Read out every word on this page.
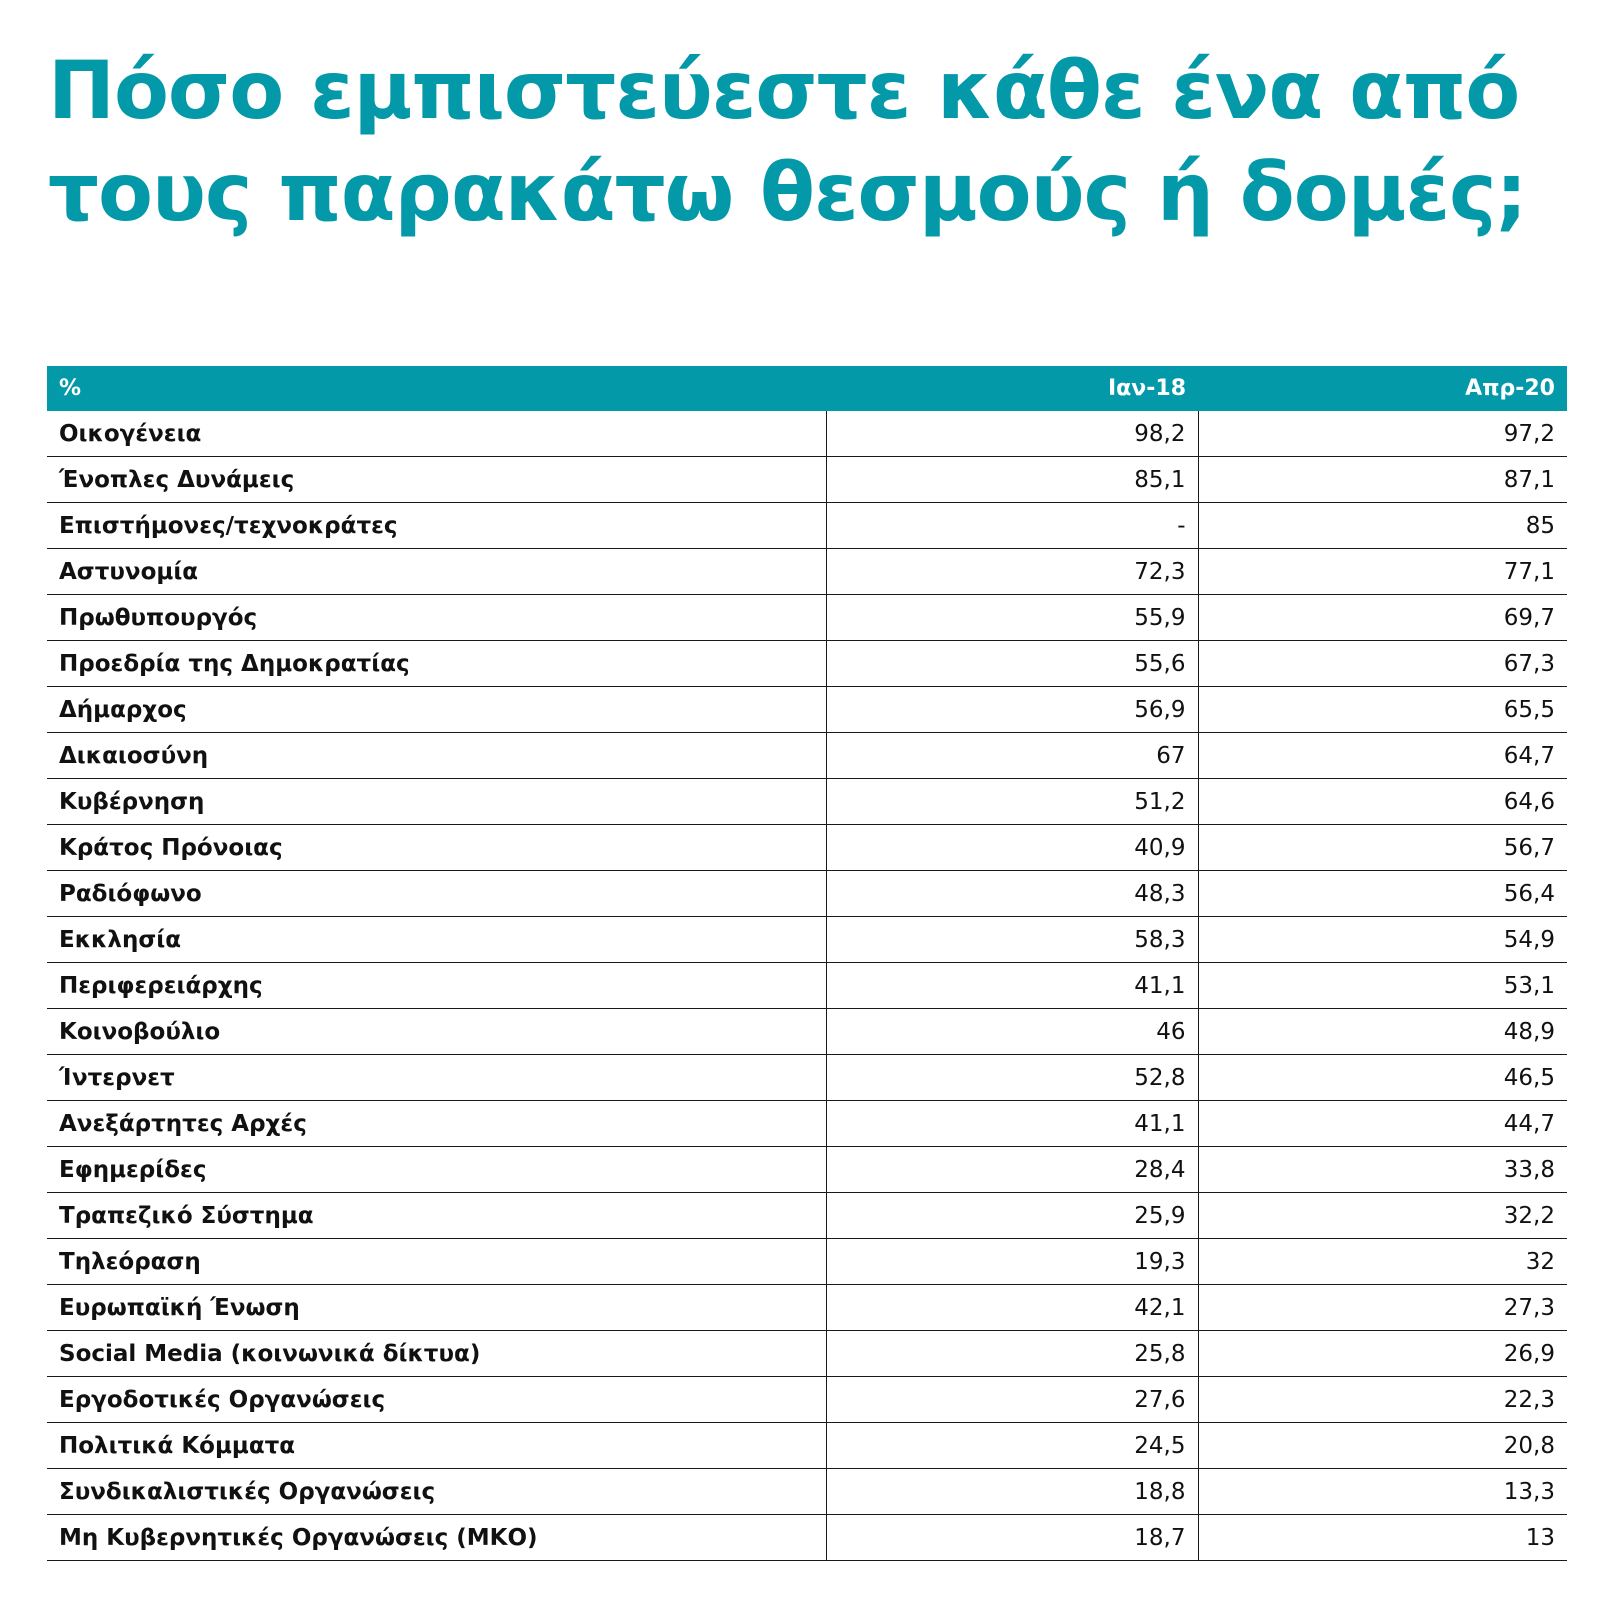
Πόσο εμπιστεύεστε κάθε ένα από τους παρακάτω θεσμούς ή δομές;
%	Ιαν-18	Απρ-20
Οικογένεια	98,2	97,2
Ένοπλες Δυνάμεις	85,1	87,1
Επιστήμονες/τεχνοκράτες	-	85
Αστυνομία	72,3	77,1
Πρωθυπουργός	55,9	69,7
Προεδρία της Δημοκρατίας	55,6	67,3
Δήμαρχος	56,9	65,5
Δικαιοσύνη	67	64,7
Κυβέρνηση	51,2	64,6
Κράτος Πρόνοιας	40,9	56,7
Ραδιόφωνο	48,3	56,4
Εκκλησία	58,3	54,9
Περιφερειάρχης	41,1	53,1
Κοινοβούλιο	46	48,9
Ίντερνετ	52,8	46,5
Ανεξάρτητες Αρχές	41,1	44,7
Εφημερίδες	28,4	33,8
Τραπεζικό Σύστημα	25,9	32,2
Τηλεόραση	19,3	32
Ευρωπαϊκή Ένωση	42,1	27,3
Social Media (κοινωνικά δίκτυα)	25,8	26,9
Εργοδοτικές Οργανώσεις	27,6	22,3
Πολιτικά Κόμματα	24,5	20,8
Συνδικαλιστικές Οργανώσεις	18,8	13,3
Μη Κυβερνητικές Οργανώσεις (ΜΚΟ)	18,7	13
